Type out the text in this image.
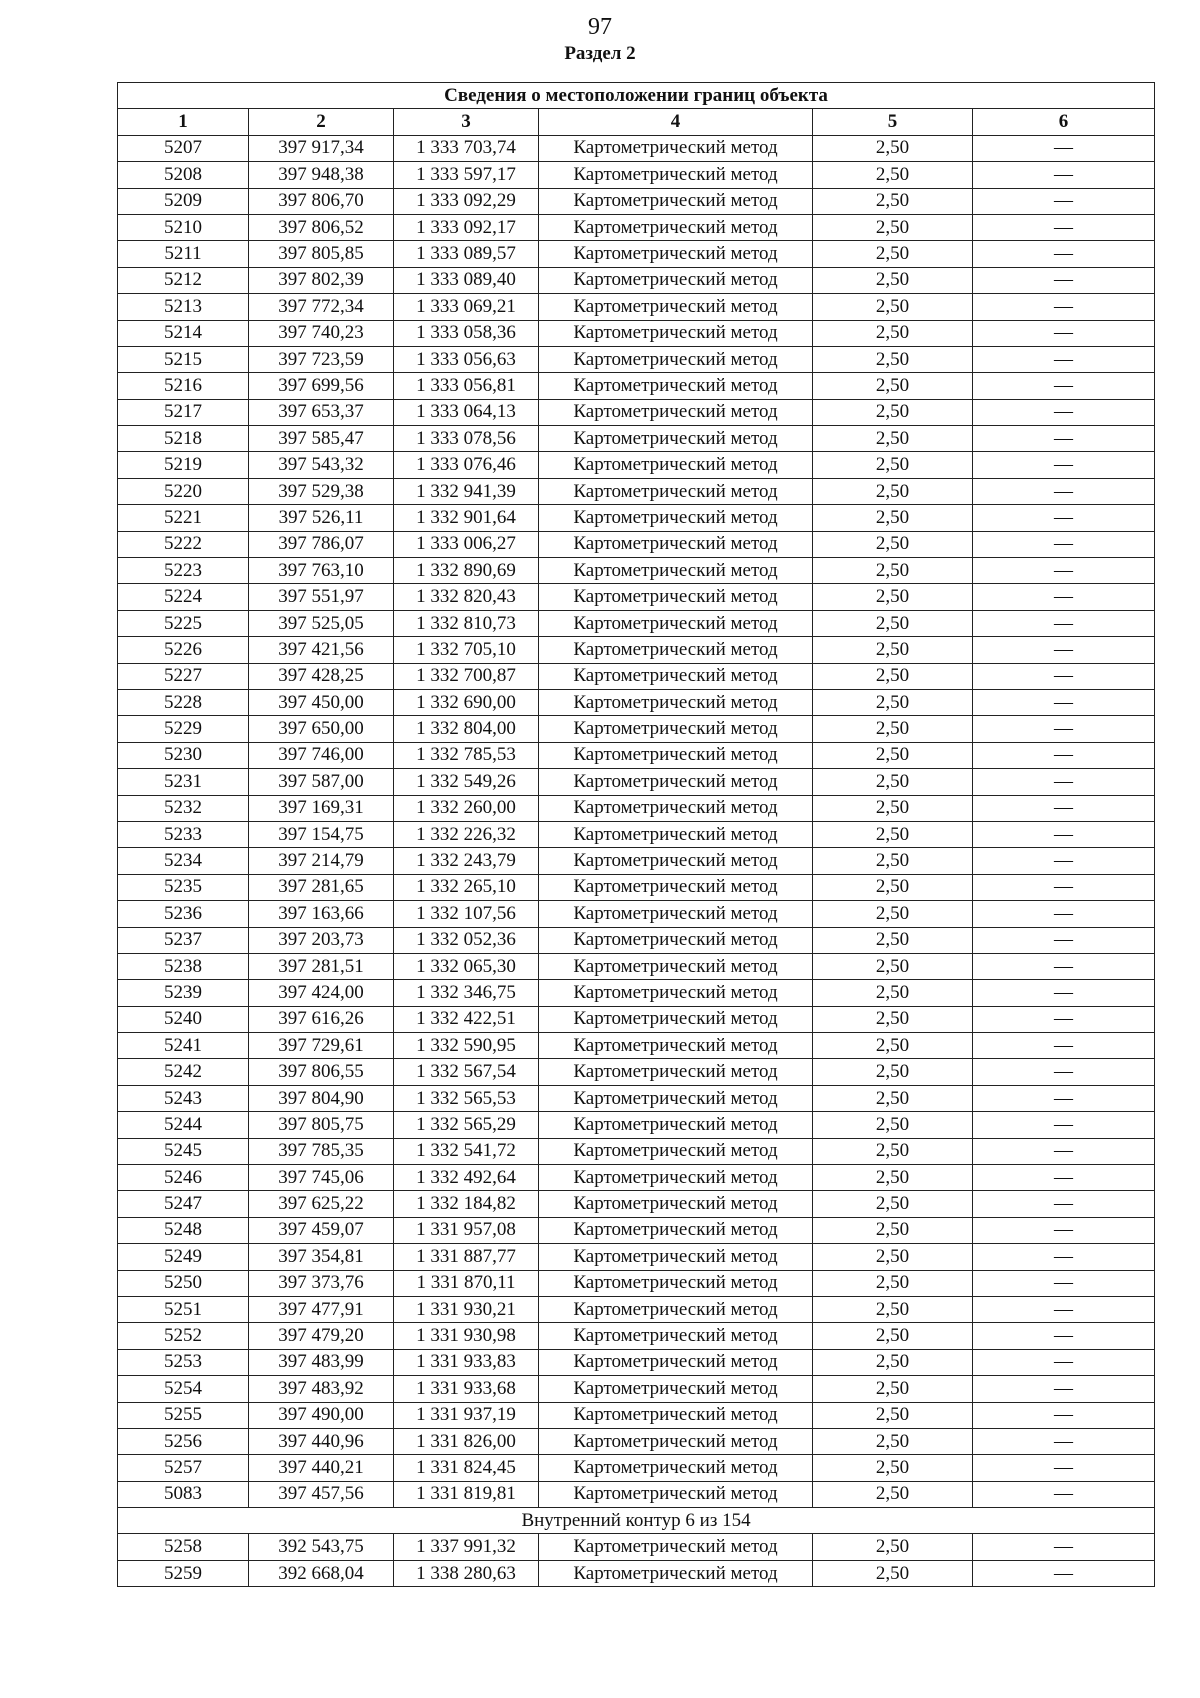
97
Раздел 2
Сведения о местоположении границ объекта					
1	2	3	4	5	6
5207	397 917,34	1 333 703,74	Картометрический метод	2,50	—
5208	397 948,38	1 333 597,17	Картометрический метод	2,50	—
5209	397 806,70	1 333 092,29	Картометрический метод	2,50	—
5210	397 806,52	1 333 092,17	Картометрический метод	2,50	—
5211	397 805,85	1 333 089,57	Картометрический метод	2,50	—
5212	397 802,39	1 333 089,40	Картометрический метод	2,50	—
5213	397 772,34	1 333 069,21	Картометрический метод	2,50	—
5214	397 740,23	1 333 058,36	Картометрический метод	2,50	—
5215	397 723,59	1 333 056,63	Картометрический метод	2,50	—
5216	397 699,56	1 333 056,81	Картометрический метод	2,50	—
5217	397 653,37	1 333 064,13	Картометрический метод	2,50	—
5218	397 585,47	1 333 078,56	Картометрический метод	2,50	—
5219	397 543,32	1 333 076,46	Картометрический метод	2,50	—
5220	397 529,38	1 332 941,39	Картометрический метод	2,50	—
5221	397 526,11	1 332 901,64	Картометрический метод	2,50	—
5222	397 786,07	1 333 006,27	Картометрический метод	2,50	—
5223	397 763,10	1 332 890,69	Картометрический метод	2,50	—
5224	397 551,97	1 332 820,43	Картометрический метод	2,50	—
5225	397 525,05	1 332 810,73	Картометрический метод	2,50	—
5226	397 421,56	1 332 705,10	Картометрический метод	2,50	—
5227	397 428,25	1 332 700,87	Картометрический метод	2,50	—
5228	397 450,00	1 332 690,00	Картометрический метод	2,50	—
5229	397 650,00	1 332 804,00	Картометрический метод	2,50	—
5230	397 746,00	1 332 785,53	Картометрический метод	2,50	—
5231	397 587,00	1 332 549,26	Картометрический метод	2,50	—
5232	397 169,31	1 332 260,00	Картометрический метод	2,50	—
5233	397 154,75	1 332 226,32	Картометрический метод	2,50	—
5234	397 214,79	1 332 243,79	Картометрический метод	2,50	—
5235	397 281,65	1 332 265,10	Картометрический метод	2,50	—
5236	397 163,66	1 332 107,56	Картометрический метод	2,50	—
5237	397 203,73	1 332 052,36	Картометрический метод	2,50	—
5238	397 281,51	1 332 065,30	Картометрический метод	2,50	—
5239	397 424,00	1 332 346,75	Картометрический метод	2,50	—
5240	397 616,26	1 332 422,51	Картометрический метод	2,50	—
5241	397 729,61	1 332 590,95	Картометрический метод	2,50	—
5242	397 806,55	1 332 567,54	Картометрический метод	2,50	—
5243	397 804,90	1 332 565,53	Картометрический метод	2,50	—
5244	397 805,75	1 332 565,29	Картометрический метод	2,50	—
5245	397 785,35	1 332 541,72	Картометрический метод	2,50	—
5246	397 745,06	1 332 492,64	Картометрический метод	2,50	—
5247	397 625,22	1 332 184,82	Картометрический метод	2,50	—
5248	397 459,07	1 331 957,08	Картометрический метод	2,50	—
5249	397 354,81	1 331 887,77	Картометрический метод	2,50	—
5250	397 373,76	1 331 870,11	Картометрический метод	2,50	—
5251	397 477,91	1 331 930,21	Картометрический метод	2,50	—
5252	397 479,20	1 331 930,98	Картометрический метод	2,50	—
5253	397 483,99	1 331 933,83	Картометрический метод	2,50	—
5254	397 483,92	1 331 933,68	Картометрический метод	2,50	—
5255	397 490,00	1 331 937,19	Картометрический метод	2,50	—
5256	397 440,96	1 331 826,00	Картометрический метод	2,50	—
5257	397 440,21	1 331 824,45	Картометрический метод	2,50	—
5083	397 457,56	1 331 819,81	Картометрический метод	2,50	—
Внутренний контур 6 из 154					
5258	392 543,75	1 337 991,32	Картометрический метод	2,50	—
5259	392 668,04	1 338 280,63	Картометрический метод	2,50	—
